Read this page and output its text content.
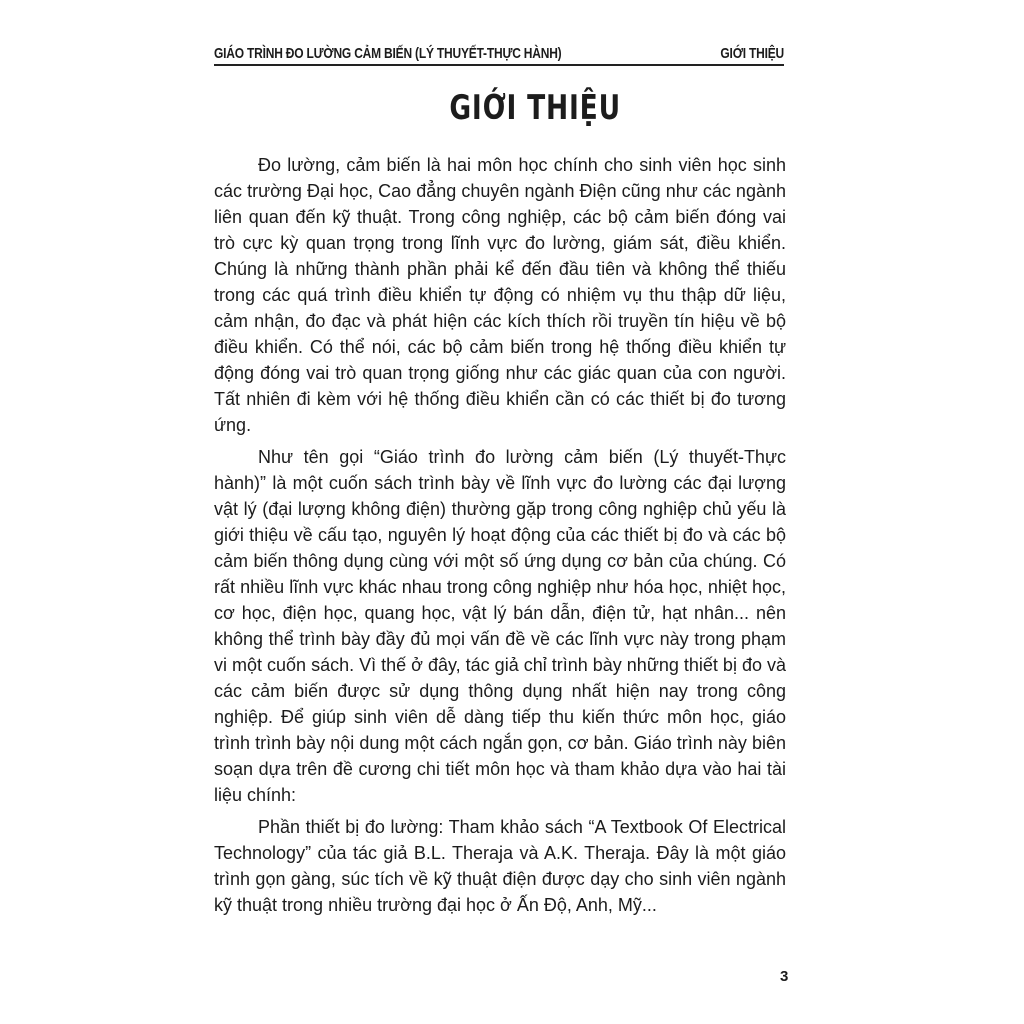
GIÁO TRÌNH ĐO LƯỜNG CẢM BIẾN (LÝ THUYẾT-THỰC HÀNH)	GIỚI THIỆU
GIỚI THIỆU

Đo lường, cảm biến là hai môn học chính cho sinh viên học sinh các trường Đại học, Cao đẳng chuyên ngành Điện cũng như các ngành liên quan đến kỹ thuật. Trong công nghiệp, các bộ cảm biến đóng vai trò cực kỳ quan trọng trong lĩnh vực đo lường, giám sát, điều khiển. Chúng là những thành phần phải kể đến đầu tiên và không thể thiếu trong các quá trình điều khiển tự động có nhiệm vụ thu thập dữ liệu, cảm nhận, đo đạc và phát hiện các kích thích rồi truyền tín hiệu về bộ điều khiển. Có thể nói, các bộ cảm biến trong hệ thống điều khiển tự động đóng vai trò quan trọng giống như các giác quan của con người. Tất nhiên đi kèm với hệ thống điều khiển cần có các thiết bị đo tương ứng.

Như tên gọi “Giáo trình đo lường cảm biến (Lý thuyết-Thực hành)” là một cuốn sách trình bày về lĩnh vực đo lường các đại lượng vật lý (đại lượng không điện) thường gặp trong công nghiệp chủ yếu là giới thiệu về cấu tạo, nguyên lý hoạt động của các thiết bị đo và các bộ cảm biến thông dụng cùng với một số ứng dụng cơ bản của chúng. Có rất nhiều lĩnh vực khác nhau trong công nghiệp như hóa học, nhiệt học, cơ học, điện học, quang học, vật lý bán dẫn, điện tử, hạt nhân... nên không thể trình bày đầy đủ mọi vấn đề về các lĩnh vực này trong phạm vi một cuốn sách. Vì thế ở đây, tác giả chỉ trình bày những thiết bị đo và các cảm biến được sử dụng thông dụng nhất hiện nay trong công nghiệp. Để giúp sinh viên dễ dàng tiếp thu kiến thức môn học, giáo trình trình bày nội dung một cách ngắn gọn, cơ bản. Giáo trình này biên soạn dựa trên đề cương chi tiết môn học và tham khảo dựa vào hai tài liệu chính:

Phần thiết bị đo lường: Tham khảo sách “A Textbook Of Electrical Technology” của tác giả B.L. Theraja và A.K. Theraja. Đây là một giáo trình gọn gàng, súc tích về kỹ thuật điện được dạy cho sinh viên ngành kỹ thuật trong nhiều trường đại học ở Ấn Độ, Anh, Mỹ...

3
